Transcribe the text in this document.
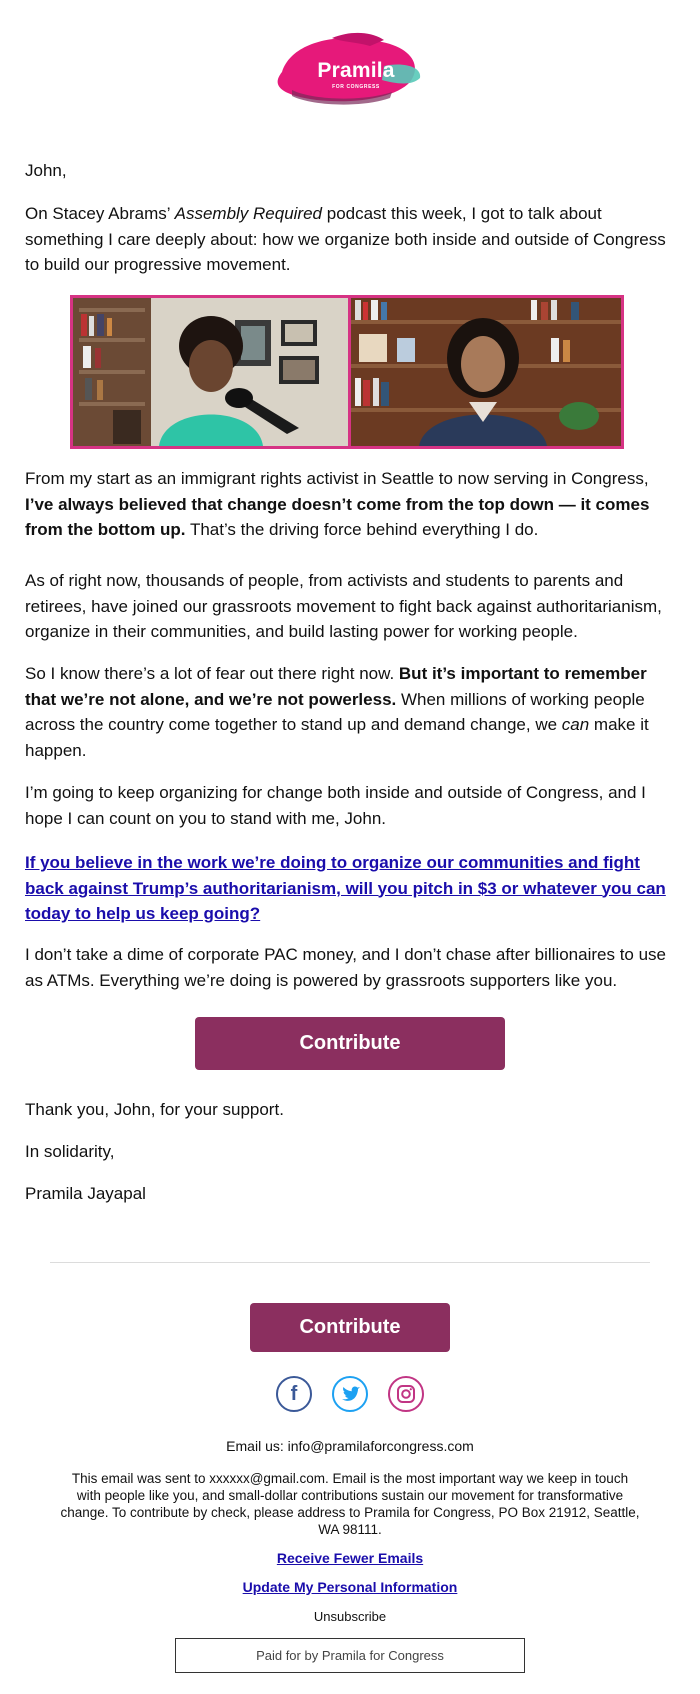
Pramila
FOR CONGRESS

John,

On Stacey Abrams’ Assembly Required podcast this week, I got to talk about something I care deeply about: how we organize both inside and outside of Congress to build our progressive movement.

From my start as an immigrant rights activist in Seattle to now serving in Congress, I’ve always believed that change doesn’t come from the top down — it comes from the bottom up. That’s the driving force behind everything I do.

As of right now, thousands of people, from activists and students to parents and retirees, have joined our grassroots movement to fight back against authoritarianism, organize in their communities, and build lasting power for working people.

So I know there’s a lot of fear out there right now. But it’s important to remember that we’re not alone, and we’re not powerless. When millions of working people across the country come together to stand up and demand change, we can make it happen.

I’m going to keep organizing for change both inside and outside of Congress, and I hope I can count on you to stand with me, John.

If you believe in the work we’re doing to organize our communities and fight back against Trump’s authoritarianism, will you pitch in $3 or whatever you can today to help us keep going?

I don’t take a dime of corporate PAC money, and I don’t chase after billionaires to use as ATMs. Everything we’re doing is powered by grassroots supporters like you.

Contribute

Thank you, John, for your support.

In solidarity,

Pramila Jayapal

Contribute
f
Email us: info@pramilaforcongress.com
This email was sent to xxxxxx@gmail.com. Email is the most important way we keep in touch with people like you, and small-dollar contributions sustain our movement for transformative change. To contribute by check, please address to Pramila for Congress, PO Box 21912, Seattle, WA 98111.
Receive Fewer Emails
Update My Personal Information
Unsubscribe
Paid for by Pramila for Congress
